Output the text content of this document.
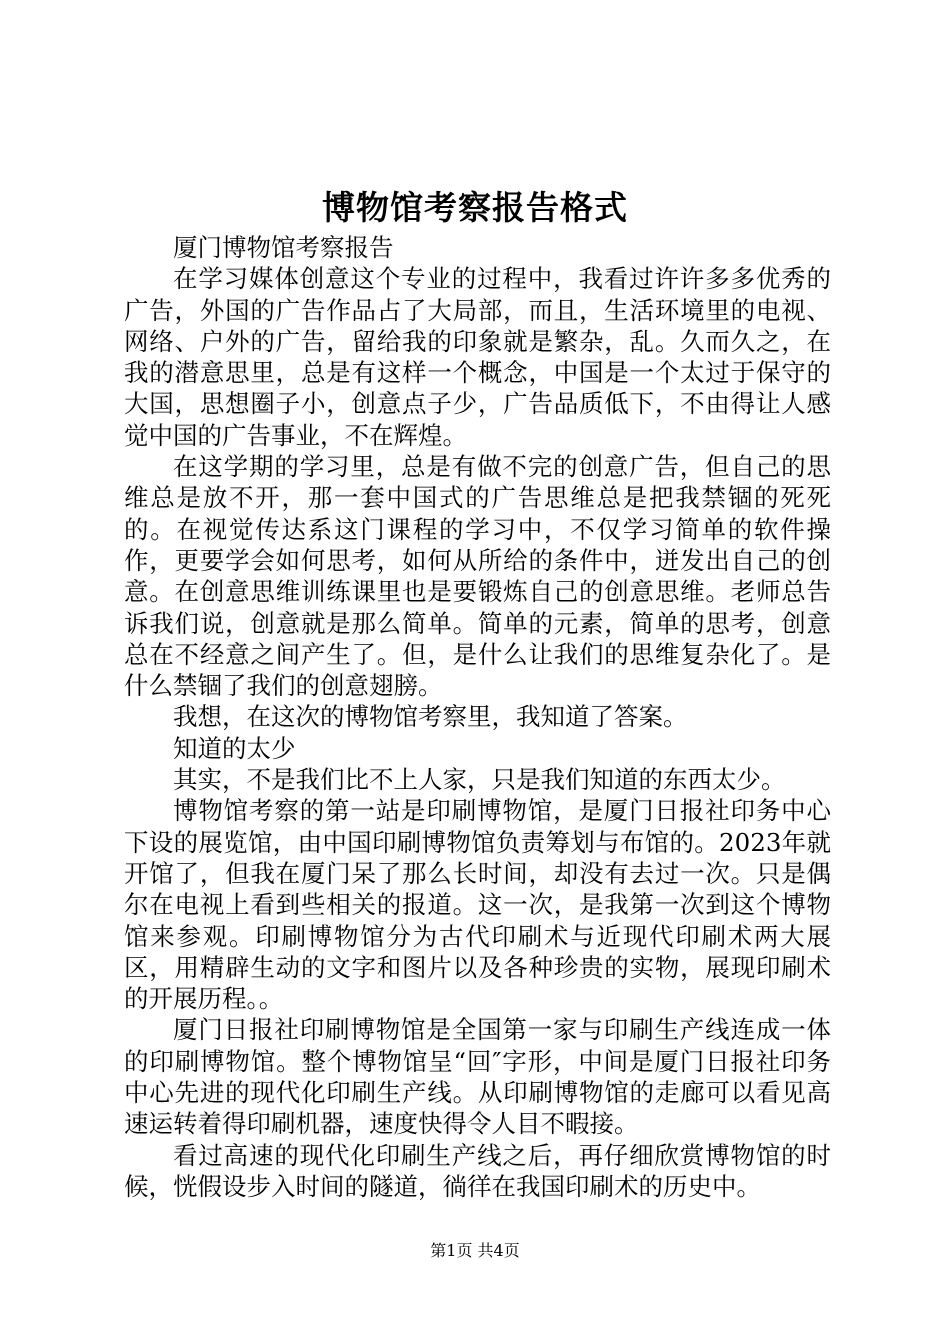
博物馆考察报告格式

厦门博物馆考察报告

在学习媒体创意这个专业的过程中，我看过许许多多优秀的广告，外国的广告作品占了大局部，而且，生活环境里的电视、网络、户外的广告，留给我的印象就是繁杂，乱。久而久之，在我的潜意思里，总是有这样一个概念，中国是一个太过于保守的大国，思想圈子小，创意点子少，广告品质低下，不由得让人感觉中国的广告事业，不在辉煌。

在这学期的学习里，总是有做不完的创意广告，但自己的思维总是放不开，那一套中国式的广告思维总是把我禁锢的死死的。在视觉传达系这门课程的学习中，不仅学习简单的软件操作，更要学会如何思考，如何从所给的条件中，迸发出自己的创意。在创意思维训练课里也是要锻炼自己的创意思维。老师总告诉我们说，创意就是那么简单。简单的元素，简单的思考，创意总在不经意之间产生了。但，是什么让我们的思维复杂化了。是什么禁锢了我们的创意翅膀。

我想，在这次的博物馆考察里，我知道了答案。

知道的太少

其实，不是我们比不上人家，只是我们知道的东西太少。

博物馆考察的第一站是印刷博物馆，是厦门日报社印务中心下设的展览馆，由中国印刷博物馆负责筹划与布馆的。2023年就开馆了，但我在厦门呆了那么长时间，却没有去过一次。只是偶尔在电视上看到些相关的报道。这一次，是我第一次到这个博物馆来参观。印刷博物馆分为古代印刷术与近现代印刷术两大展区，用精辟生动的文字和图片以及各种珍贵的实物，展现印刷术的开展历程。。

厦门日报社印刷博物馆是全国第一家与印刷生产线连成一体的印刷博物馆。整个博物馆呈“回″字形，中间是厦门日报社印务中心先进的现代化印刷生产线。从印刷博物馆的走廊可以看见高速运转着得印刷机器，速度快得令人目不暇接。

看过高速的现代化印刷生产线之后，再仔细欣赏博物馆的时候，恍假设步入时间的隧道，徜徉在我国印刷术的历史中。

第1页 共4页
